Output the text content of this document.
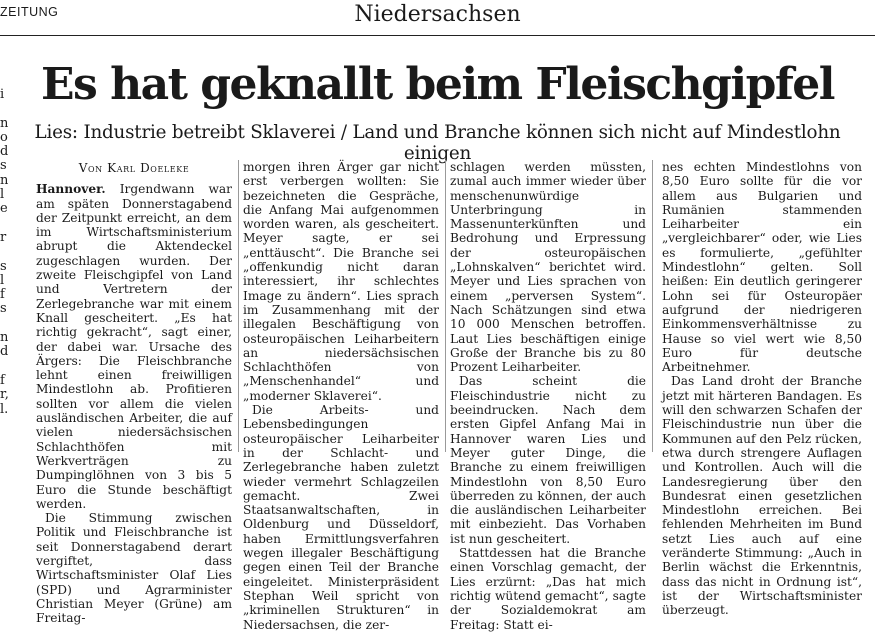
ZEITUNG	Niedersachsen
i

n
o
d
s
n
l
e

r

s
l
f
s

n
d

f
r,
l.
Es hat geknallt beim Fleischgipfel
Lies: Industrie betreibt Sklaverei / Land und Branche können sich nicht auf Mindestlohn einigen
Von Karl Doeleke

Hannover. Irgendwann war am späten Donnerstagabend der Zeitpunkt erreicht, an dem im Wirtschaftsministerium abrupt die Aktendeckel zugeschlagen wurden. Der zweite Fleischgipfel von Land und Vertretern der Zerlegebranche war mit einem Knall gescheitert. „Es hat richtig gekracht“, sagt einer, der dabei war. Ursache des Ärgers: Die Fleischbranche lehnt einen freiwilligen Mindestlohn ab. Profitieren sollten vor allem die vielen ausländischen Arbeiter, die auf vielen niedersächsischen Schlachthöfen mit Werkverträgen zu Dumpinglöhnen von 3 bis 5 Euro die Stunde beschäftigt werden.

Die Stimmung zwischen Politik und Fleischbranche ist seit Donnerstagabend derart vergiftet, dass Wirtschaftsminister Olaf Lies (SPD) und Agrarminister Christian Meyer (Grüne) am Freitag-

morgen ihren Ärger gar nicht erst verbergen wollten: Sie bezeichneten die Gespräche, die Anfang Mai aufgenommen worden waren, als gescheitert. Meyer sagte, er sei „enttäuscht“. Die Branche sei „offenkundig nicht daran interessiert, ihr schlechtes Image zu ändern“. Lies sprach im Zusammenhang mit der illegalen Beschäftigung von osteuropäischen Leiharbeitern an niedersächsischen Schlachthöfen von „Menschenhandel“ und „moderner Sklaverei“.

Die Arbeits- und Lebensbedingungen osteuropäischer Leiharbeiter in der Schlacht- und Zerlegebranche haben zuletzt wieder vermehrt Schlagzeilen gemacht. Zwei Staatsanwaltschaften, in Oldenburg und Düsseldorf, haben Ermittlungsverfahren wegen illegaler Beschäftigung gegen einen Teil der Branche eingeleitet. Ministerpräsident Stephan Weil spricht von „kriminellen Strukturen“ in Niedersachsen, die zer-

schlagen werden müssten, zumal auch immer wieder über menschenunwürdige Unterbringung in Massenunterkünften und Bedrohung und Erpressung der osteuropäischen „Lohnskalven“ berichtet wird. Meyer und Lies sprachen von einem „perversen System“. Nach Schätzungen sind etwa 10 000 Menschen betroffen. Laut Lies beschäftigen einige Große der Branche bis zu 80 Prozent Leiharbeiter.

Das scheint die Fleischindustrie nicht zu beeindrucken. Nach dem ersten Gipfel Anfang Mai in Hannover waren Lies und Meyer guter Dinge, die Branche zu einem freiwilligen Mindestlohn von 8,50 Euro überreden zu können, der auch die ausländischen Leiharbeiter mit einbezieht. Das Vorhaben ist nun gescheitert.

Stattdessen hat die Branche einen Vorschlag gemacht, der Lies erzürnt: „Das hat mich richtig wütend gemacht“, sagte der Sozialdemokrat am Freitag: Statt ei-

nes echten Mindestlohns von 8,50 Euro sollte für die vor allem aus Bulgarien und Rumänien stammenden Leiharbeiter ein „vergleichbarer“ oder, wie Lies es formulierte, „gefühlter Mindestlohn“ gelten. Soll heißen: Ein deutlich geringerer Lohn sei für Osteuropäer aufgrund der niedrigeren Einkommensverhältnisse zu Hause so viel wert wie 8,50 Euro für deutsche Arbeitnehmer.

Das Land droht der Branche jetzt mit härteren Bandagen. Es will den schwarzen Schafen der Fleischindustrie nun über die Kommunen auf den Pelz rücken, etwa durch strengere Auflagen und Kontrollen. Auch will die Landesregierung über den Bundesrat einen gesetzlichen Mindestlohn erreichen. Bei fehlenden Mehrheiten im Bund setzt Lies auch auf eine veränderte Stimmung: „Auch in Berlin wächst die Erkenntnis, dass das nicht in Ordnung ist“, ist der Wirtschaftsminister überzeugt.
